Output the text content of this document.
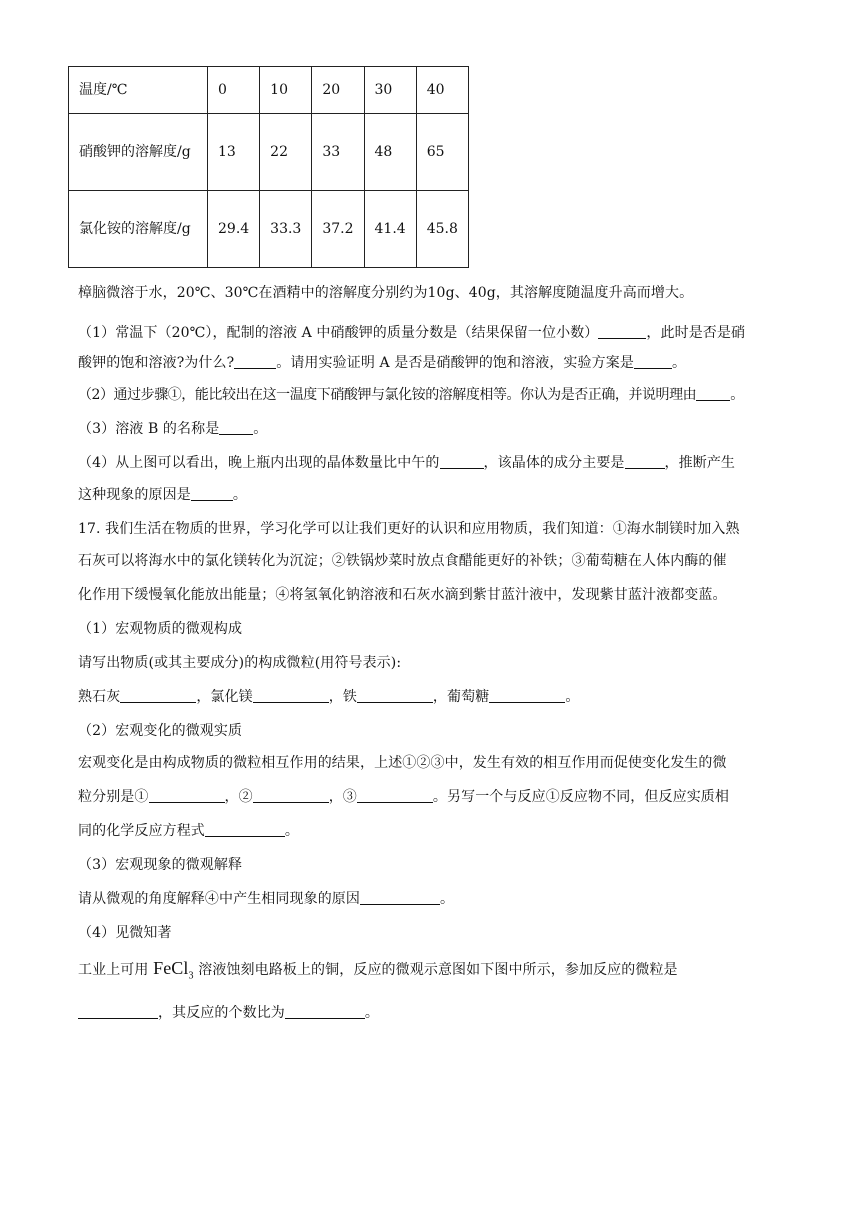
温度/℃	0	10	20	30	40
硝酸钾的溶解度/g	13	22	33	48	65
氯化铵的溶解度/g	29.4	33.3	37.2	41.4	45.8
樟脑微溶于水，20℃、30℃在酒精中的溶解度分别约为10g、40g，其溶解度随温度升高而增大。
（1）常温下（20℃），配制的溶液 A 中硝酸钾的质量分数是（结果保留一位小数）	，此时是否是硝
酸钾的饱和溶液?为什么?	。请用实验证明 A 是否是硝酸钾的饱和溶液，实验方案是	。
（2）通过步骤①，能比较出在这一温度下硝酸钾与氯化铵的溶解度相等。你认为是否正确，并说明理由 。
（3）溶液 B 的名称是 。
（4）从上图可以看出，晚上瓶内出现的晶体数量比中午的	，该晶体的成分主要是	，推断产生
这种现象的原因是	。
17. 我们生活在物质的世界，学习化学可以让我们更好的认识和应用物质，我们知道：①海水制镁时加入熟
石灰可以将海水中的氯化镁转化为沉淀；②铁锅炒菜时放点食醋能更好的补铁；③葡萄糖在人体内酶的催
化作用下缓慢氧化能放出能量；④将氢氧化钠溶液和石灰水滴到紫甘蓝汁液中，发现紫甘蓝汁液都变蓝。
（1）宏观物质的微观构成
请写出物质(或其主要成分)的构成微粒(用符号表示):
熟石灰	，氯化镁	，铁	，葡萄糖	。
（2）宏观变化的微观实质
宏观变化是由构成物质的微粒相互作用的结果，上述①②③中，发生有效的相互作用而促使变化发生的微
粒分别是①	，②	，③	。另写一个与反应①反应物不同，但反应实质相
同的化学反应方程式	。
（3）宏观现象的微观解释
请从微观的角度解释④中产生相同现象的原因	。
（4）见微知著
工业上可用 FeCl$_3$ 溶液蚀刻电路板上的铜，反应的微观示意图如下图中所示，参加反应的微粒是
，其反应的个数比为	。
